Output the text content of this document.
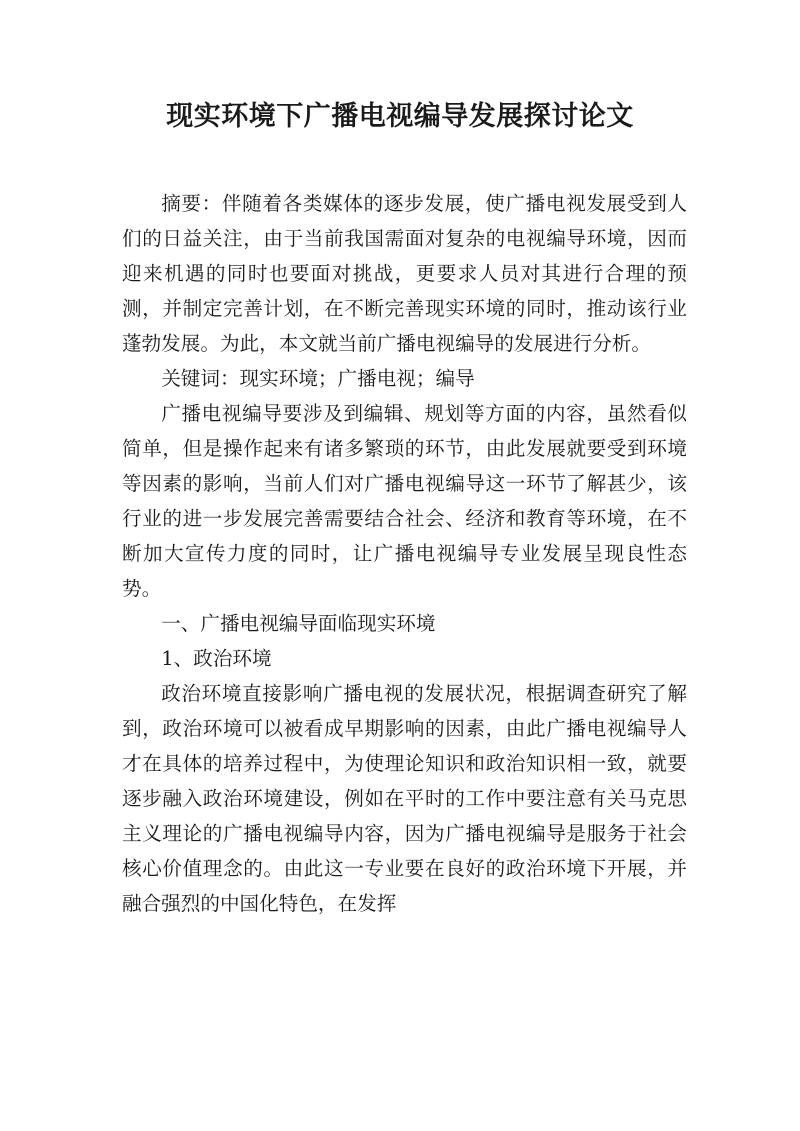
现实环境下广播电视编导发展探讨论文

摘要：伴随着各类媒体的逐步发展，使广播电视发展受到人们的日益关注，由于当前我国需面对复杂的电视编导环境，因而迎来机遇的同时也要面对挑战，更要求人员对其进行合理的预测，并制定完善计划，在不断完善现实环境的同时，推动该行业蓬勃发展。为此，本文就当前广播电视编导的发展进行分析。

关键词：现实环境；广播电视；编导

广播电视编导要涉及到编辑、规划等方面的内容，虽然看似简单，但是操作起来有诸多繁琐的环节，由此发展就要受到环境等因素的影响，当前人们对广播电视编导这一环节了解甚少，该行业的进一步发展完善需要结合社会、经济和教育等环境，在不断加大宣传力度的同时，让广播电视编导专业发展呈现良性态势。

一、广播电视编导面临现实环境

1、政治环境

政治环境直接影响广播电视的发展状况，根据调查研究了解到，政治环境可以被看成早期影响的因素，由此广播电视编导人才在具体的培养过程中，为使理论知识和政治知识相一致，就要逐步融入政治环境建设，例如在平时的工作中要注意有关马克思主义理论的广播电视编导内容，因为广播电视编导是服务于社会核心价值理念的。由此这一专业要在良好的政治环境下开展，并融合强烈的中国化特色，在发挥
